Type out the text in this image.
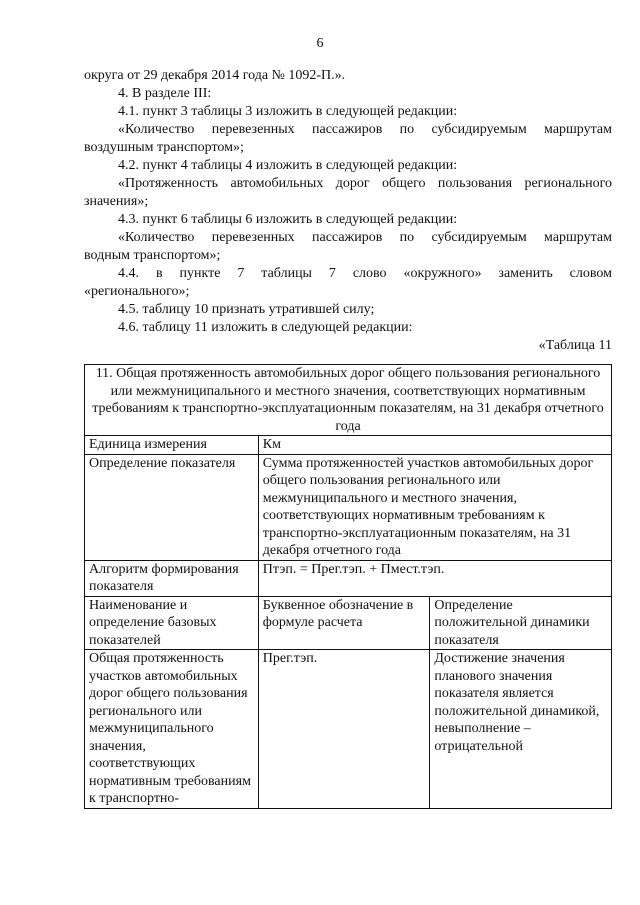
6
округа от 29 декабря 2014 года № 1092-П.».
4. В разделе III:
4.1. пункт 3 таблицы 3 изложить в следующей редакции:
«Количество перевезенных пассажиров по субсидируемым маршрутам
воздушным транспортом»;
4.2. пункт 4 таблицы 4 изложить в следующей редакции:
«Протяженность автомобильных дорог общего пользования регионального
значения»;
4.3. пункт 6 таблицы 6 изложить в следующей редакции:
«Количество перевезенных пассажиров по субсидируемым маршрутам
водным транспортом»;
4.4. в пункте 7 таблицы 7 слово «окружного» заменить словом
«регионального»;
4.5. таблицу 10 признать утратившей силу;
4.6. таблицу 11 изложить в следующей редакции:
«Таблица 11
11. Общая протяженность автомобильных дорог общего пользования регионального или межмуниципального и местного значения, соответствующих нормативным требованиям к транспортно-эксплуатационным показателям, на 31 декабря отчетного года		
Единица измерения	Км	
Определение показателя	Сумма протяженностей участков автомобильных дорог общего пользования регионального или межмуниципального и местного значения, соответствующих нормативным требованиям к транспортно-эксплуатационным показателям, на 31 декабря отчетного года	
Алгоритм формирования показателя	Птэп. = Прег.тэп. + Пмест.тэп.	
Наименование и определение базовых показателей	Буквенное обозначение в формуле расчета	Определение положительной динамики показателя
Общая протяженность участков автомобильных дорог общего пользования регионального или межмуниципального значения, соответствующих нормативным требованиям к транспортно-	Прег.тэп.	Достижение значения планового значения показателя является положительной динамикой, невыполнение – отрицательной
